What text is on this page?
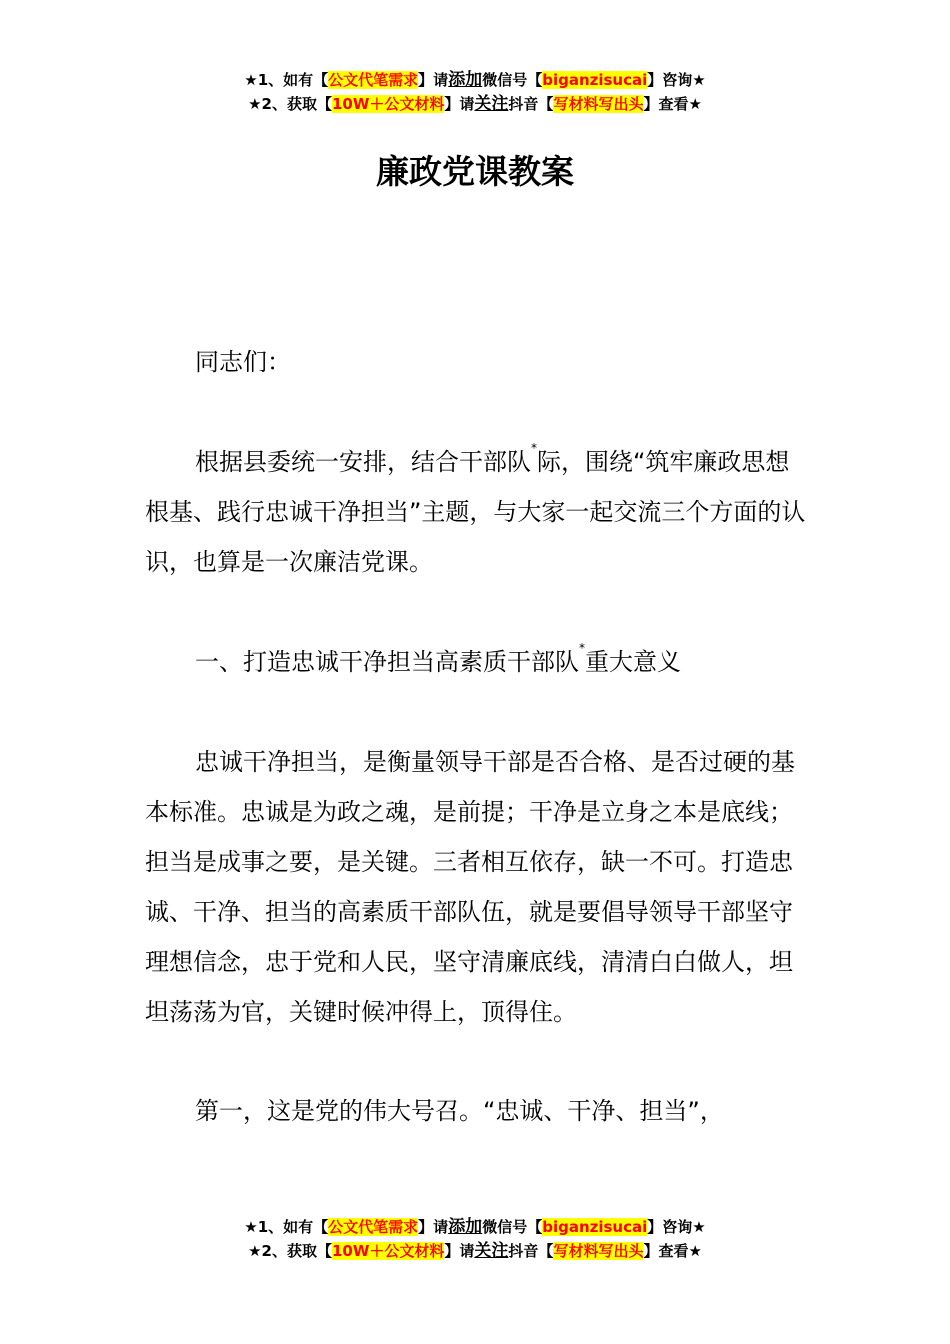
★1、如有【公文代笔需求】请添加微信号【biganzisucai】咨询★
★2、获取【10W＋公文材料】请关注抖音【写材料写出头】查看★
廉政党课教案

同志们：

根据县委统一安排，结合干部队*际，围绕“筑牢廉政思想根基、践行忠诚干净担当”主题，与大家一起交流三个方面的认识，也算是一次廉洁党课。

一、打造忠诚干净担当高素质干部队*重大意义

忠诚干净担当，是衡量领导干部是否合格、是否过硬的基本标准。忠诚是为政之魂，是前提；干净是立身之本是底线；担当是成事之要，是关键。三者相互依存，缺一不可。打造忠诚、干净、担当的高素质干部队伍，就是要倡导领导干部坚守理想信念，忠于党和人民，坚守清廉底线，清清白白做人，坦坦荡荡为官，关键时候冲得上，顶得住。

第一，这是党的伟大号召。“忠诚、干净、担当”，

★1、如有【公文代笔需求】请添加微信号【biganzisucai】咨询★
★2、获取【10W＋公文材料】请关注抖音【写材料写出头】查看★
